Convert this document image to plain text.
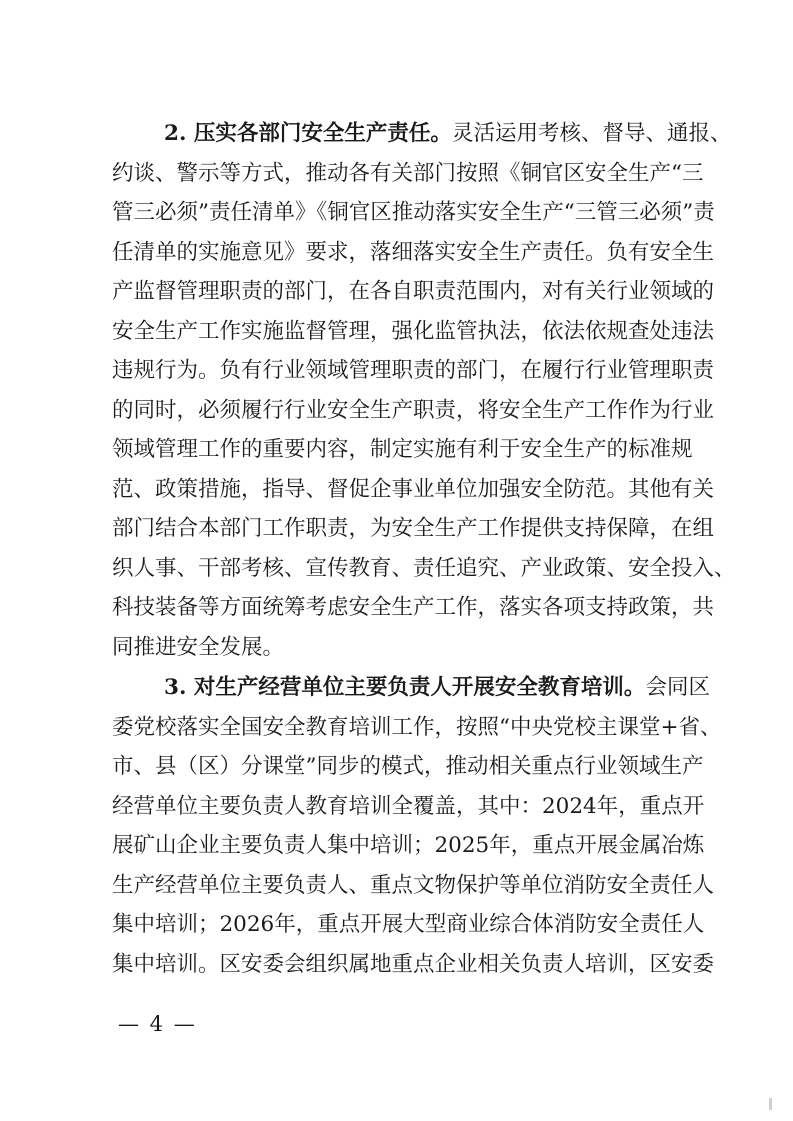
2. 压实各部门安全生产责任。灵活运用考核、督导、通报、
约谈、警示等方式，推动各有关部门按照《铜官区安全生产“三
管三必须”责任清单》《铜官区推动落实安全生产“三管三必须”责
任清单的实施意见》要求，落细落实安全生产责任。负有安全生
产监督管理职责的部门，在各自职责范围内，对有关行业领域的
安全生产工作实施监督管理，强化监管执法，依法依规查处违法
违规行为。负有行业领域管理职责的部门，在履行行业管理职责
的同时，必须履行行业安全生产职责，将安全生产工作作为行业
领域管理工作的重要内容，制定实施有利于安全生产的标准规
范、政策措施，指导、督促企事业单位加强安全防范。其他有关
部门结合本部门工作职责，为安全生产工作提供支持保障，在组
织人事、干部考核、宣传教育、责任追究、产业政策、安全投入、
科技装备等方面统筹考虑安全生产工作，落实各项支持政策，共
同推进安全发展。
3. 对生产经营单位主要负责人开展安全教育培训。会同区
委党校落实全国安全教育培训工作，按照“中央党校主课堂+省、
市、县（区）分课堂”同步的模式，推动相关重点行业领域生产
经营单位主要负责人教育培训全覆盖，其中：2024年，重点开
展矿山企业主要负责人集中培训；2025年，重点开展金属冶炼
生产经营单位主要负责人、重点文物保护等单位消防安全责任人
集中培训；2026年，重点开展大型商业综合体消防安全责任人
集中培训。区安委会组织属地重点企业相关负责人培训，区安委
— 4 —
